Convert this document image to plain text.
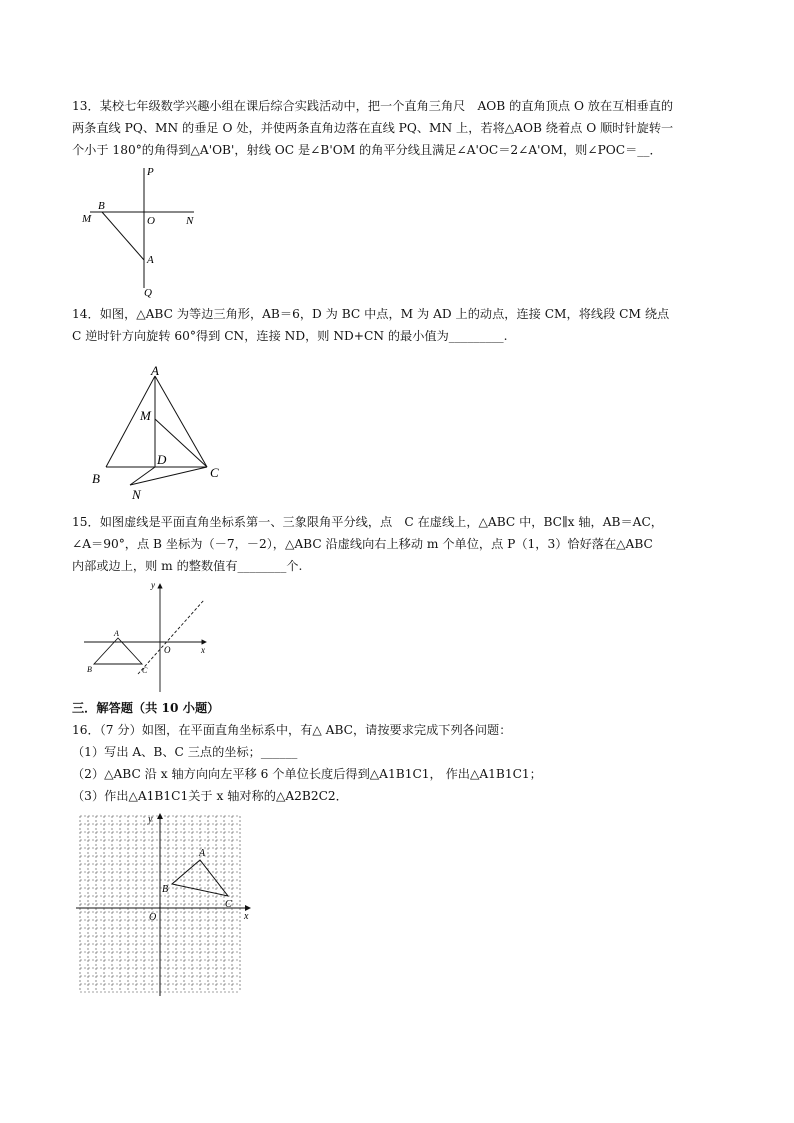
13．某校七年级数学兴趣小组在课后综合实践活动中，把一个直角三角尺　AOB 的直角顶点 O 放在互相垂直的
两条直线 PQ、MN 的垂足 O 处，并使两条直角边落在直线 PQ、MN 上，若将△AOB 绕着点 O 顺时针旋转一
个小于 180°的角得到△A'OB'，射线 OC 是∠B'OM 的角平分线且满足∠A'OC＝2∠A'OM，则∠POC＝__．
P
M
B
O	N
A
Q
14．如图，△ABC 为等边三角形，AB＝6，D 为 BC 中点，M 为 AD 上的动点，连接 CM，将线段 CM 绕点
C 逆时针方向旋转 60°得到 CN，连接 ND，则 ND+CN 的最小值为_________.
A
M
D
B	C
N
15．如图虚线是平面直角坐标系第一、三象限角平分线，点　C 在虚线上，△ABC 中，BC∥x 轴，AB＝AC，
∠A＝90°，点 B 坐标为（－7，－2），△ABC 沿虚线向右上移动 m 个单位，点 P（1，3）恰好落在△ABC
内部或边上，则 m 的整数值有________个.
y
x
O
A
B	C
三．解答题（共 10 小题）
16．（7 分）如图，在平面直角坐标系中，有△ ABC，请按要求完成下列各问题：
（1）写出 A、B、C 三点的坐标；______
（2）△ABC 沿 x 轴方向向左平移 6 个单位长度后得到△A1B1C1， 作出△A1B1C1；
（3）作出△A1B1C1关于 x 轴对称的△A2B2C2．
y
x
O
A
B
C
